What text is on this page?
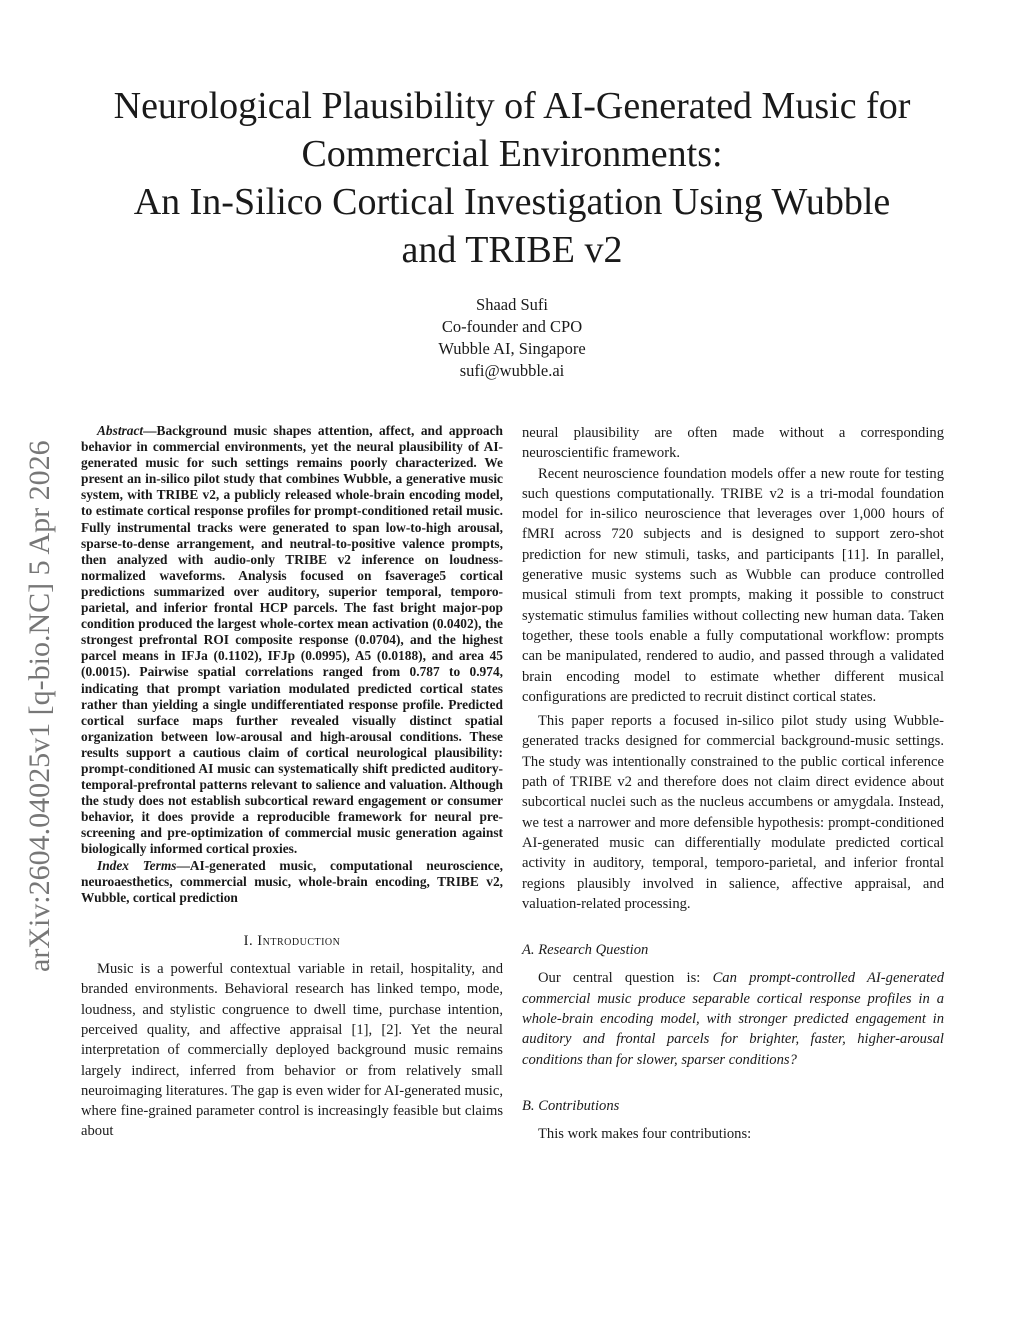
Neurological Plausibility of AI-Generated Music for
Commercial Environments:
An In-Silico Cortical Investigation Using Wubble
and TRIBE v2
Shaad Sufi
Co-founder and CPO
Wubble AI, Singapore
sufi@wubble.ai
arXiv:2604.04025v1 [q-bio.NC] 5 Apr 2026

Abstract—Background music shapes attention, affect, and approach behavior in commercial environments, yet the neural plausibility of AI-generated music for such settings remains poorly characterized. We present an in-silico pilot study that combines Wubble, a generative music system, with TRIBE v2, a publicly released whole-brain encoding model, to estimate cortical response profiles for prompt-conditioned retail music. Fully instrumental tracks were generated to span low-to-high arousal, sparse-to-dense arrangement, and neutral-to-positive valence prompts, then analyzed with audio-only TRIBE v2 inference on loudness-normalized waveforms. Analysis focused on fsaverage5 cortical predictions summarized over auditory, superior temporal, temporo-parietal, and inferior frontal HCP parcels. The fast bright major-pop condition produced the largest whole-cortex mean activation (0.0402), the strongest prefrontal ROI composite response (0.0704), and the highest parcel means in IFJa (0.1102), IFJp (0.0995), A5 (0.0188), and area 45 (0.0015). Pairwise spatial correlations ranged from 0.787 to 0.974, indicating that prompt variation modulated predicted cortical states rather than yielding a single undifferentiated response profile. Predicted cortical surface maps further revealed visually distinct spatial organization between low-arousal and high-arousal conditions. These results support a cautious claim of cortical neurological plausibility: prompt-conditioned AI music can systematically shift predicted auditory-temporal-prefrontal patterns relevant to salience and valuation. Although the study does not establish subcortical reward engagement or consumer behavior, it does provide a reproducible framework for neural pre-screening and pre-optimization of commercial music generation against biologically informed cortical proxies.

Index Terms—AI-generated music, computational neuroscience, neuroaesthetics, commercial music, whole-brain encoding, TRIBE v2, Wubble, cortical prediction

I. Introduction

Music is a powerful contextual variable in retail, hospitality, and branded environments. Behavioral research has linked tempo, mode, loudness, and stylistic congruence to dwell time, purchase intention, perceived quality, and affective appraisal [1], [2]. Yet the neural interpretation of commercially deployed background music remains largely indirect, inferred from behavior or from relatively small neuroimaging literatures. The gap is even wider for AI-generated music, where fine-grained parameter control is increasingly feasible but claims about

neural plausibility are often made without a corresponding neuroscientific framework.

Recent neuroscience foundation models offer a new route for testing such questions computationally. TRIBE v2 is a tri-modal foundation model for in-silico neuroscience that leverages over 1,000 hours of fMRI across 720 subjects and is designed to support zero-shot prediction for new stimuli, tasks, and participants [11]. In parallel, generative music systems such as Wubble can produce controlled musical stimuli from text prompts, making it possible to construct systematic stimulus families without collecting new human data. Taken together, these tools enable a fully computational workflow: prompts can be manipulated, rendered to audio, and passed through a validated brain encoding model to estimate whether different musical configurations are predicted to recruit distinct cortical states.

This paper reports a focused in-silico pilot study using Wubble-generated tracks designed for commercial background-music settings. The study was intentionally constrained to the public cortical inference path of TRIBE v2 and therefore does not claim direct evidence about subcortical nuclei such as the nucleus accumbens or amygdala. Instead, we test a narrower and more defensible hypothesis: prompt-conditioned AI-generated music can differentially modulate predicted cortical activity in auditory, temporal, temporo-parietal, and inferior frontal regions plausibly involved in salience, affective appraisal, and valuation-related processing.

A. Research Question

Our central question is: Can prompt-controlled AI-generated commercial music produce separable cortical response profiles in a whole-brain encoding model, with stronger predicted engagement in auditory and frontal parcels for brighter, faster, higher-arousal conditions than for slower, sparser conditions?

B. Contributions

This work makes four contributions:
